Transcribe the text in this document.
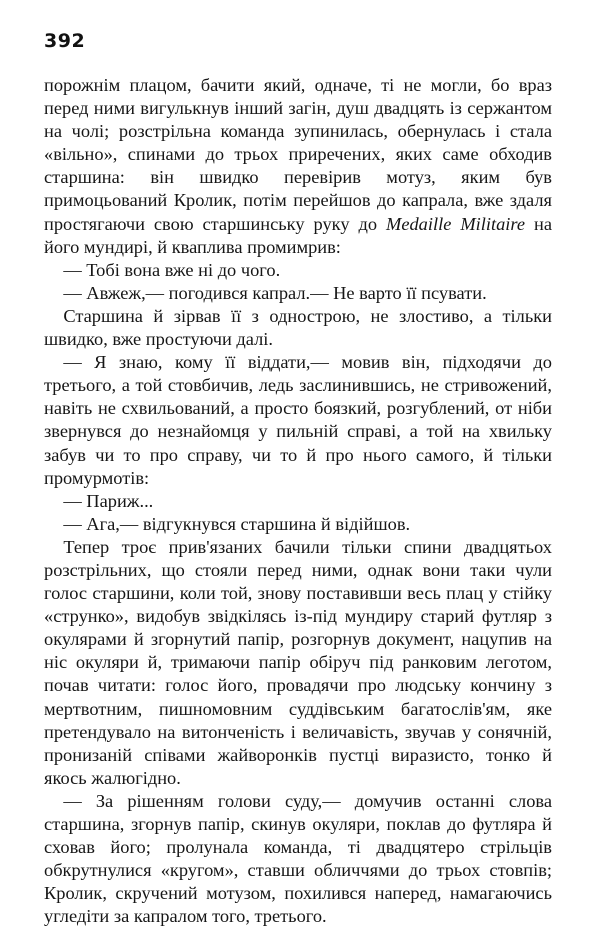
392

порожнім плацом, бачити який, одначе, ті не могли, бо враз перед ними вигулькнув інший загін, душ двадцять із сержантом на чолі; розстрільна команда зупинилась, обернулась і стала «вільно», спинами до трьох приречених, яких саме обходив старшина: він швидко перевірив мотуз, яким був примоцьований Кролик, потім перейшов до капрала, вже здаля простягаючи свою старшинську руку до Medaille Militaire на його мундирі, й кваплива промимрив:

— Тобі вона вже ні до чого.

— Авжеж,— погодився капрал.— Не варто її псувати.

Старшина й зірвав її з однострою, не злостиво, а тільки швидко, вже простуючи далі.

— Я знаю, кому її віддати,— мовив він, підходячи до третього, а той стовбичив, ледь заслинившись, не стривожений, навіть не схвильований, а просто боязкий, розгублений, от ніби звернувся до незнайомця у пильній справі, а той на хвильку забув чи то про справу, чи то й про нього самого, й тільки промурмотів:

— Париж...

— Ага,— відгукнувся старшина й відійшов.

Тепер троє прив'язаних бачили тільки спини двадцятьох розстрільних, що стояли перед ними, однак вони таки чули голос старшини, коли той, знову поставивши весь плац у стійку «струнко», видобув звідкілясь із-під мундиру старий футляр з окулярами й згорнутий папір, розгорнув документ, нацупив на ніс окуляри й, тримаючи папір обіруч під ранковим леготом, почав читати: голос його, провадячи про людську кончину з мертвотним, пишномовним суддівським багатослів'ям, яке претендувало на витонченість і величавість, звучав у сонячній, пронизаній співами жайворонків пустці виразисто, тонко й якось жалюгідно.

— За рішенням голови суду,— домучив останні слова старшина, згорнув папір, скинув окуляри, поклав до футляра й сховав його; пролунала команда, ті двадцятеро стрільців обкрутнулися «кругом», ставши обличчями до трьох стовпів; Кролик, скручений мотузом, похилився наперед, намагаючись угледіти за капралом того, третього.
